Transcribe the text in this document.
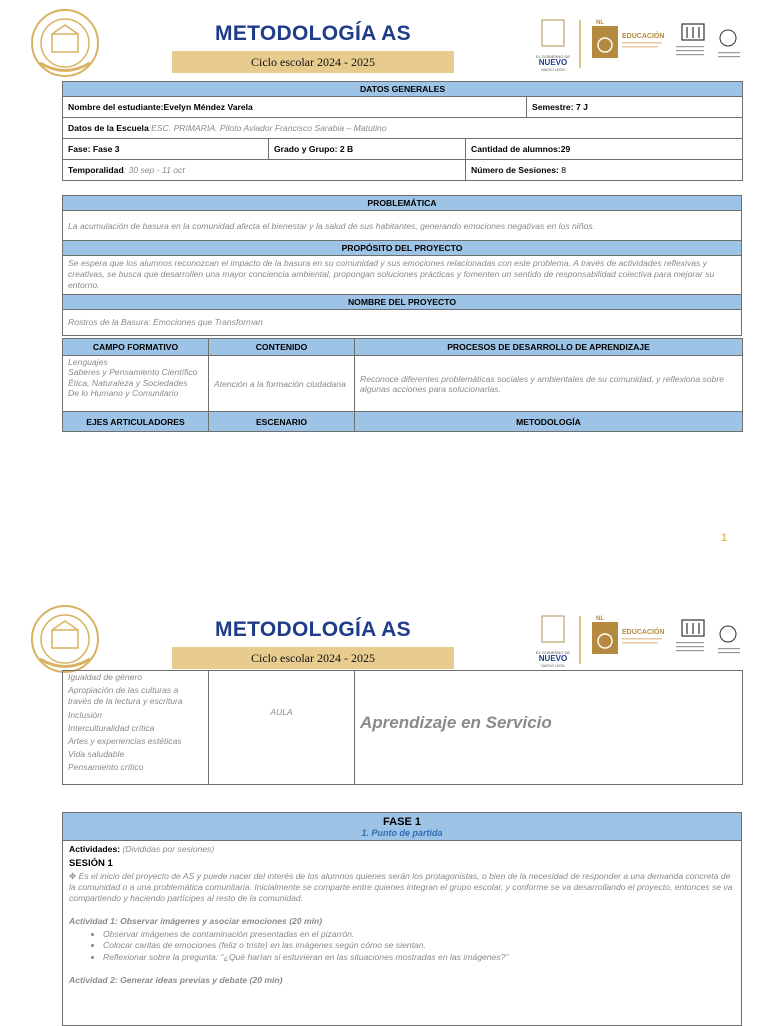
METODOLOGÍA AS
Ciclo escolar 2024 - 2025	EL GOBIERNO DE
NUEVO
NUEVO LEÓN
NL
EDUCACIÓN
DATOS GENERALES			
Nombre del estudiante:Evelyn Méndez Varela			Semestre: 7 J
Datos de la Escuela:ESC. PRIMARIA. Piloto Aviador Francisco Sarabia – Matutino			
Fase: Fase 3	Grado y Grupo: 2 B	Cantidad de alumnos:29	
Temporalidad: 30 sep - 11 oct		Número de Sesiones: 8	
PROBLEMÁTICA
La acumulación de basura en la comunidad afecta el bienestar y la salud de sus habitantes, generando emociones negativas en los niños.
PROPÓSITO DEL PROYECTO
Se espera que los alumnos reconozcan el impacto de la basura en su comunidad y sus emociones relacionadas con este problema. A través de actividades reflexivas y creativas, se busca que desarrollen una mayor conciencia ambiental, propongan soluciones prácticas y fomenten un sentido de responsabilidad colectiva para mejorar su entorno.
NOMBRE DEL PROYECTO
Rostros de la Basura: Emociones que Transforman
CAMPO FORMATIVO	CONTENIDO	PROCESOS DE DESARROLLO DE APRENDIZAJE

Lenguajes
Saberes y Pensamiento Científico
Ética, Naturaleza y Sociedades
De lo Humano y Comunitario	Atención a la formación ciudadana	Reconoce diferentes problemáticas sociales y ambientales de su comunidad, y reflexiona sobre algunas acciones para solucionarlas.
EJES ARTICULADORES	ESCENARIO	METODOLOGÍA
1
METODOLOGÍA AS
Ciclo escolar 2024 - 2025	EL GOBIERNO DE
NUEVO
NUEVO LEÓN
NL
EDUCACIÓN
Igualdad de género
Apropiación de las culturas a través de la lectura y escritura
Inclusión
Interculturalidad crítica
Artes y experiencias estéticas
Vida saludable
Pensamiento crítico
	AULA	Aprendizaje en Servicio
FASE 1
1. Punto de partida
Actividades: (Divididas por sesiones)
SESIÓN 1
✥ Es el inicio del proyecto de AS y puede nacer del interés de los alumnos quienes serán los protagonistas, o bien de la necesidad de responder a una demanda concreta de la comunidad o a una problemática comunitaria. Inicialmente se comparte entre quienes integran el grupo escolar, y conforme se va desarrollando el proyecto, entonces se va compartiendo y haciendo partícipes al resto de la comunidad.
Actividad 1: Observar imágenes y asociar emociones (20 min)
• Observar imágenes de contaminación presentadas en el pizarrón.
• Colocar caritas de emociones (feliz o triste) en las imágenes según cómo se sientan.
• Reflexionar sobre la pregunta: "¿Qué harían si estuvieran en las situaciones mostradas en las imágenes?"
Actividad 2: Generar ideas previas y debate (20 min)
